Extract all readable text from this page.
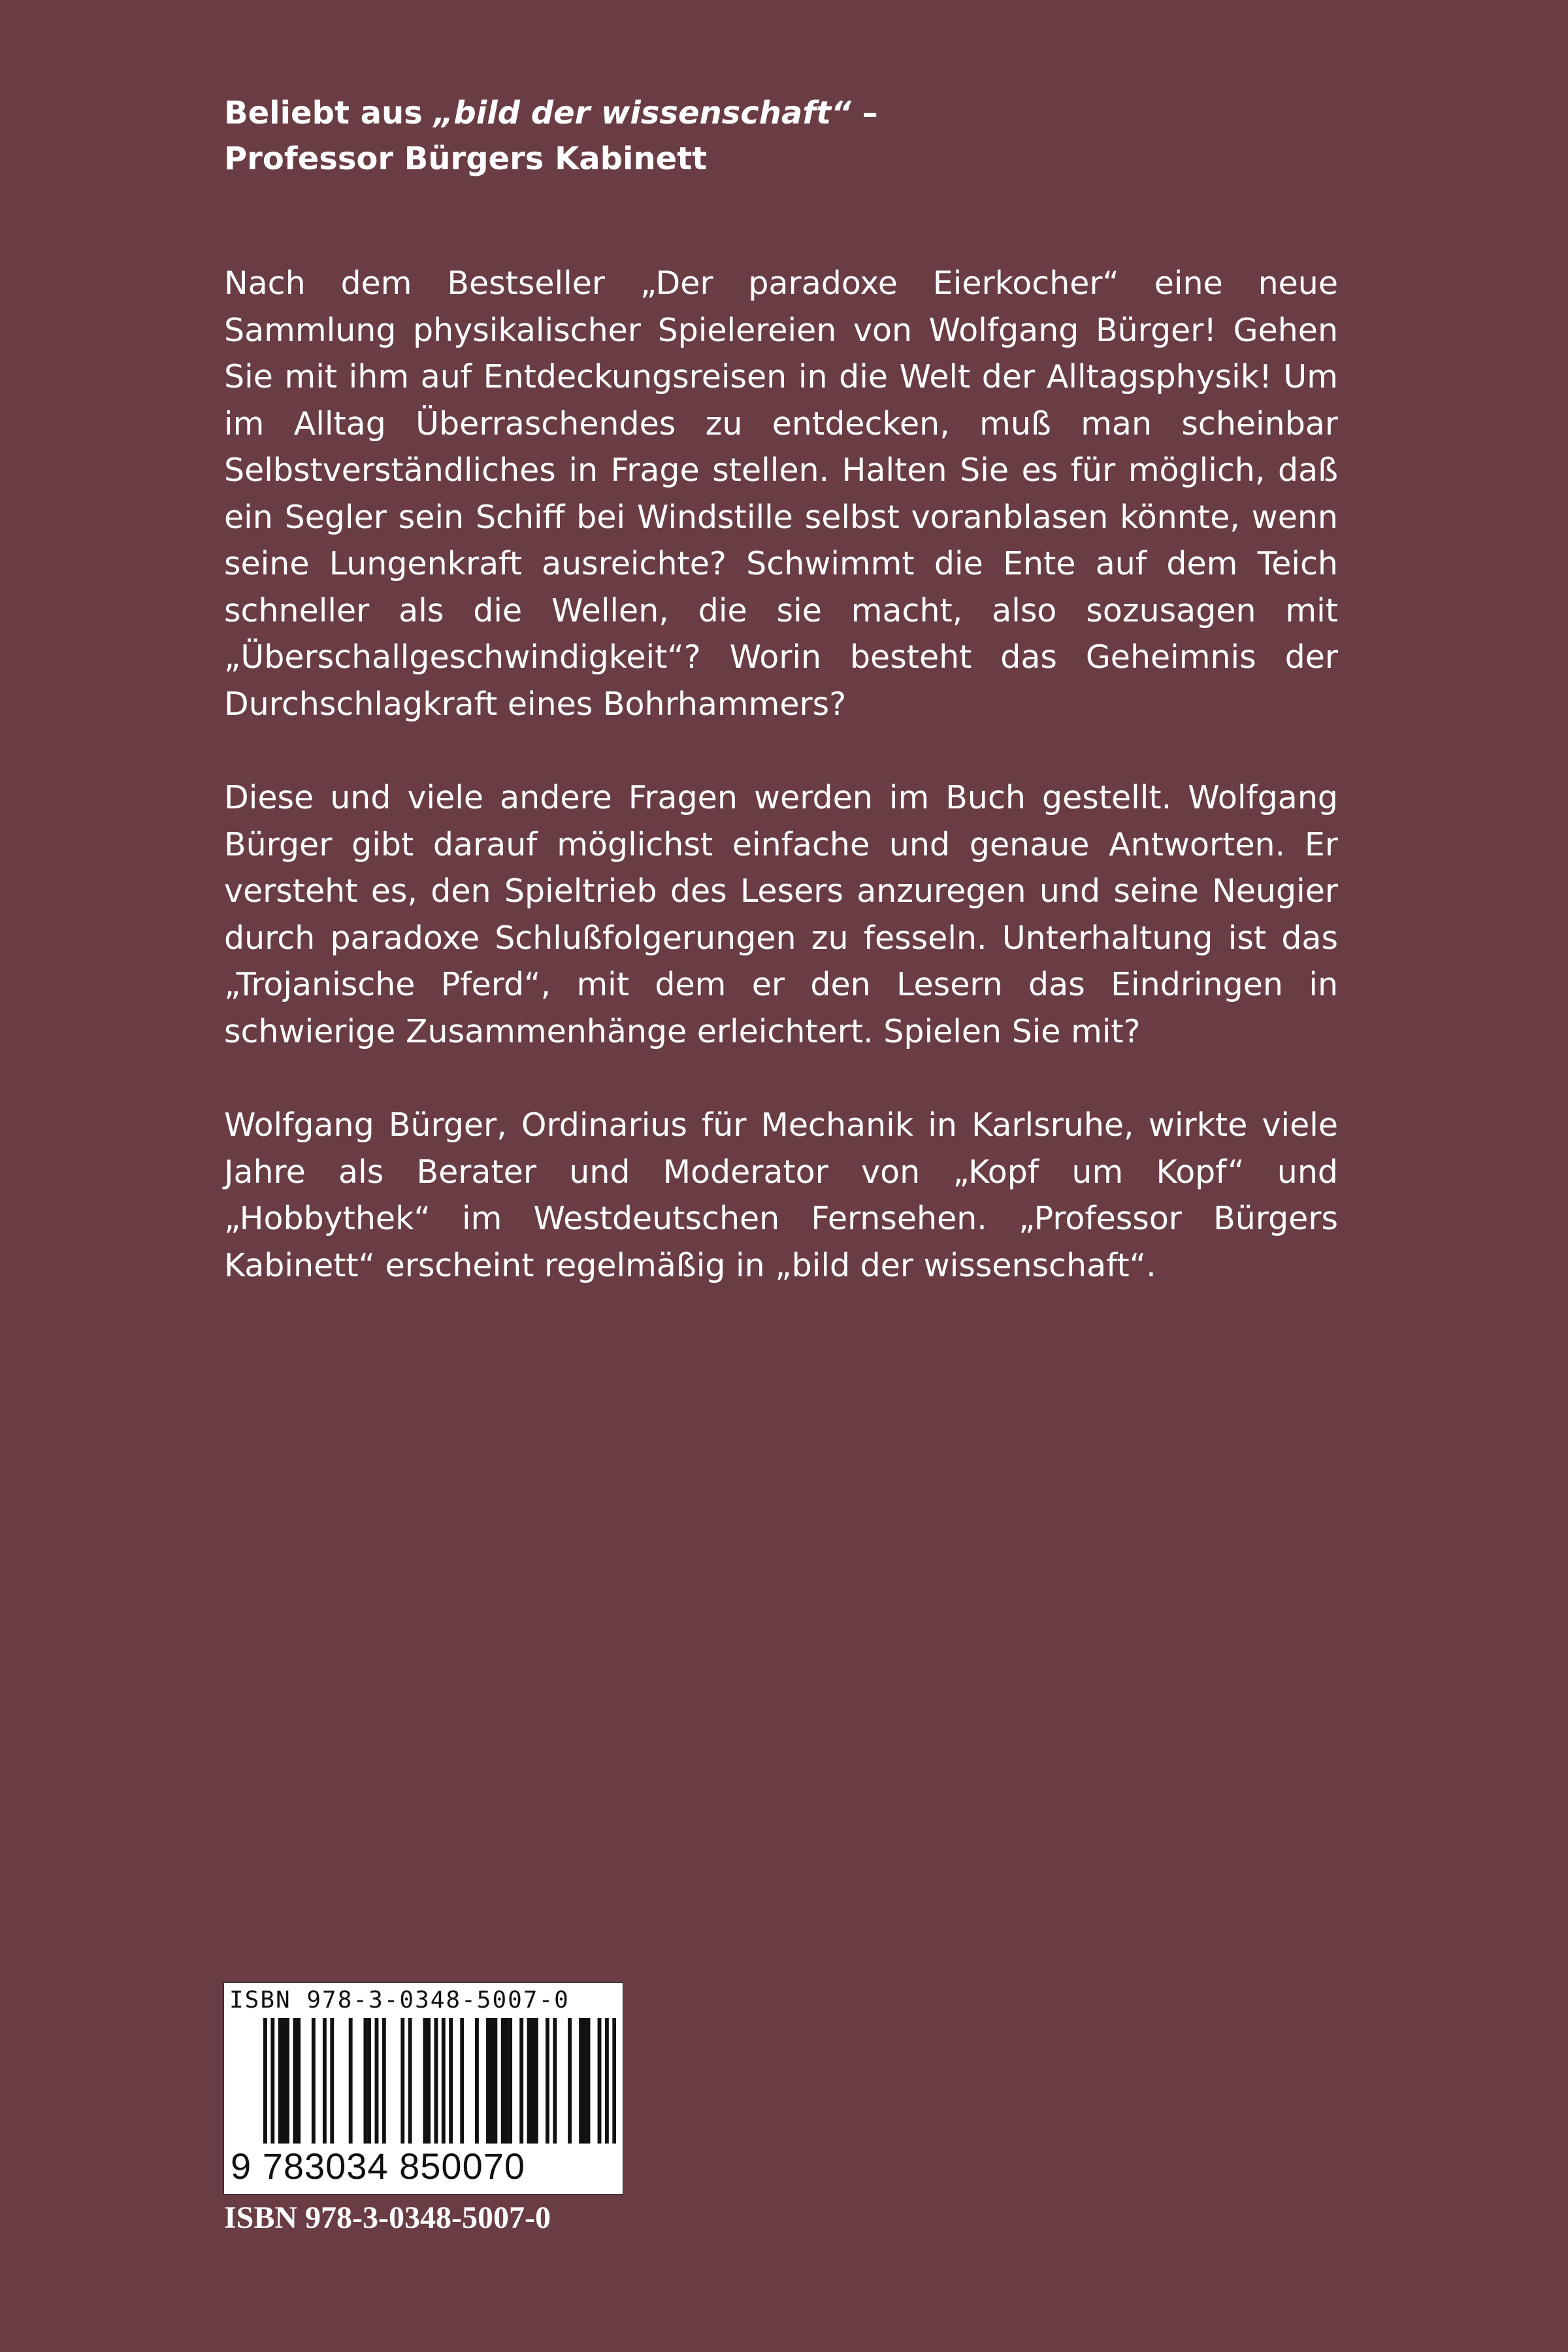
Beliebt aus „bild der wissenschaft“ –
Professor Bürgers Kabinett

Nach dem Bestseller „Der paradoxe Eierkocher“ eine neue Sammlung physikalischer Spielereien von Wolfgang Bürger! Gehen Sie mit ihm auf Entdeckungsreisen in die Welt der Alltagsphysik! Um im Alltag Überraschendes zu entdecken, muß man scheinbar Selbstverständliches in Frage stellen. Halten Sie es für möglich, daß ein Segler sein Schiff bei Windstille selbst voranblasen könnte, wenn seine Lungenkraft ausreichte? Schwimmt die Ente auf dem Teich schneller als die Wellen, die sie macht, also sozusagen mit „Überschallgeschwindigkeit“? Worin besteht das Geheimnis der Durchschlagkraft eines Bohrhammers?

Diese und viele andere Fragen werden im Buch gestellt. Wolfgang Bürger gibt darauf möglichst einfache und genaue Antworten. Er versteht es, den Spieltrieb des Lesers anzuregen und seine Neugier durch paradoxe Schlußfolgerungen zu fesseln. Unterhaltung ist das „Trojanische Pferd“, mit dem er den Lesern das Eindringen in schwierige Zusammenhänge erleichtert. Spielen Sie mit?

Wolfgang Bürger, Ordinarius für Mechanik in Karlsruhe, wirkte viele Jahre als Berater und Moderator von „Kopf um Kopf“ und „Hobbythek“ im Westdeutschen Fernsehen. „Professor Bürgers Kabinett“ erscheint regelmäßig in „bild der wissenschaft“.

ISBN 978-3-0348-5007-0
9 783034 850070
ISBN 978-3-0348-5007-0
